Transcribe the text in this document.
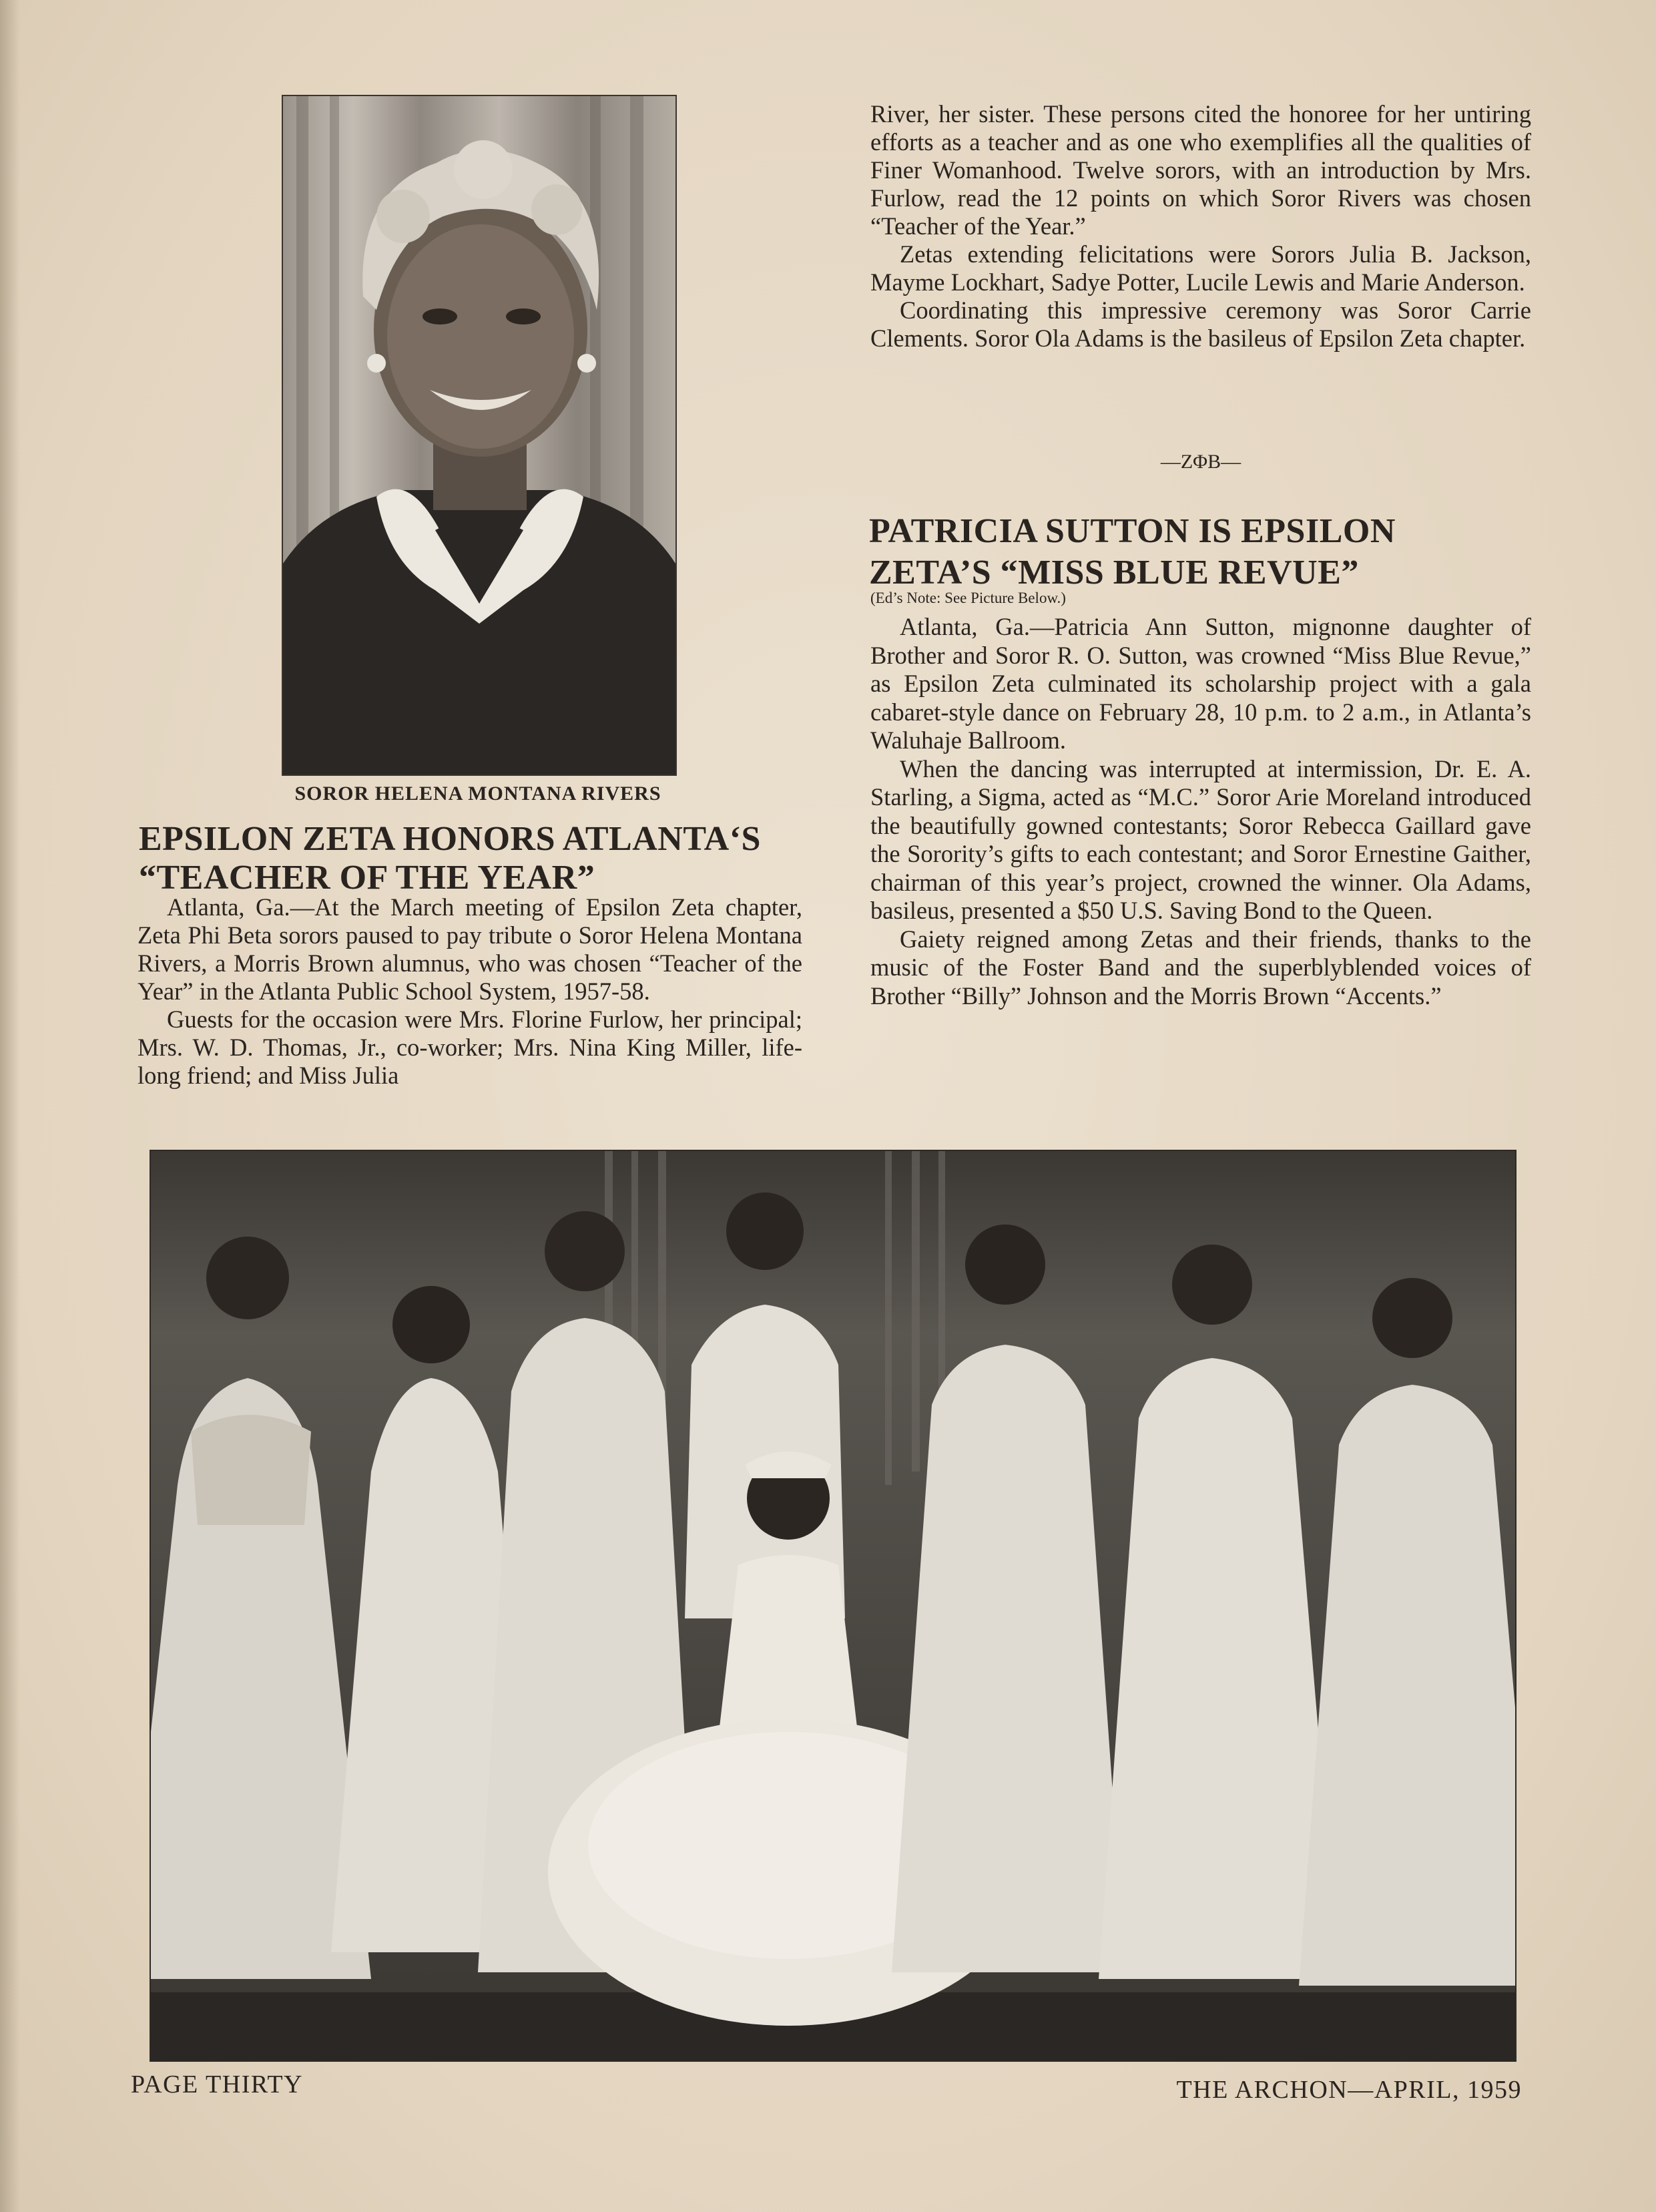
SOROR HELENA MONTANA RIVERS
EPSILON ZETA HONORS ATLANTA‘S
“TEACHER OF THE YEAR”

Atlanta, Ga.—At the March meeting of Epsilon Zeta chapter, Zeta Phi Beta sorors paused to pay tribute o Soror Helena Montana Rivers, a Morris Brown alumnus, who was chosen “Teacher of the Year” in the Atlanta Public School System, 1957-58.

Guests for the occasion were Mrs. Florine Furlow, her principal; Mrs. W. D. Thomas, Jr., co-worker; Mrs. Nina King Miller, life-long friend; and Miss Julia

River, her sister. These persons cited the honoree for her untiring efforts as a teacher and as one who exemplifies all the qualities of Finer Womanhood. Twelve sorors, with an introduction by Mrs. Furlow, read the 12 points on which Soror Rivers was chosen “Teacher of the Year.”

Zetas extending felicitations were Sorors Julia B. Jackson, Mayme Lockhart, Sadye Potter, Lucile Lewis and Marie Anderson.

Coordinating this impressive ceremony was Soror Carrie Clements. Soror Ola Adams is the basileus of Epsilon Zeta chapter.

—ZΦB—
PATRICIA SUTTON IS EPSILON
ZETA’S “MISS BLUE REVUE”
(Ed’s Note: See Picture Below.)

Atlanta, Ga.—Patricia Ann Sutton, mignonne daughter of Brother and Soror R. O. Sutton, was crowned “Miss Blue Revue,” as Epsilon Zeta culminated its scholarship project with a gala cabaret-style dance on February 28, 10 p.m. to 2 a.m., in Atlanta’s Waluhaje Ballroom.

When the dancing was interrupted at intermission, Dr. E. A. Starling, a Sigma, acted as “M.C.” Soror Arie Moreland introduced the beautifully gowned contestants; Soror Rebecca Gaillard gave the Sorority’s gifts to each contestant; and Soror Ernestine Gaither, chairman of this year’s project, crowned the winner. Ola Adams, basileus, presented a $50 U.S. Saving Bond to the Queen.

Gaiety reigned among Zetas and their friends, thanks to the music of the Foster Band and the superblyblended voices of Brother “Billy” Johnson and the Morris Brown “Accents.”

PAGE THIRTY	THE ARCHON—APRIL, 1959
